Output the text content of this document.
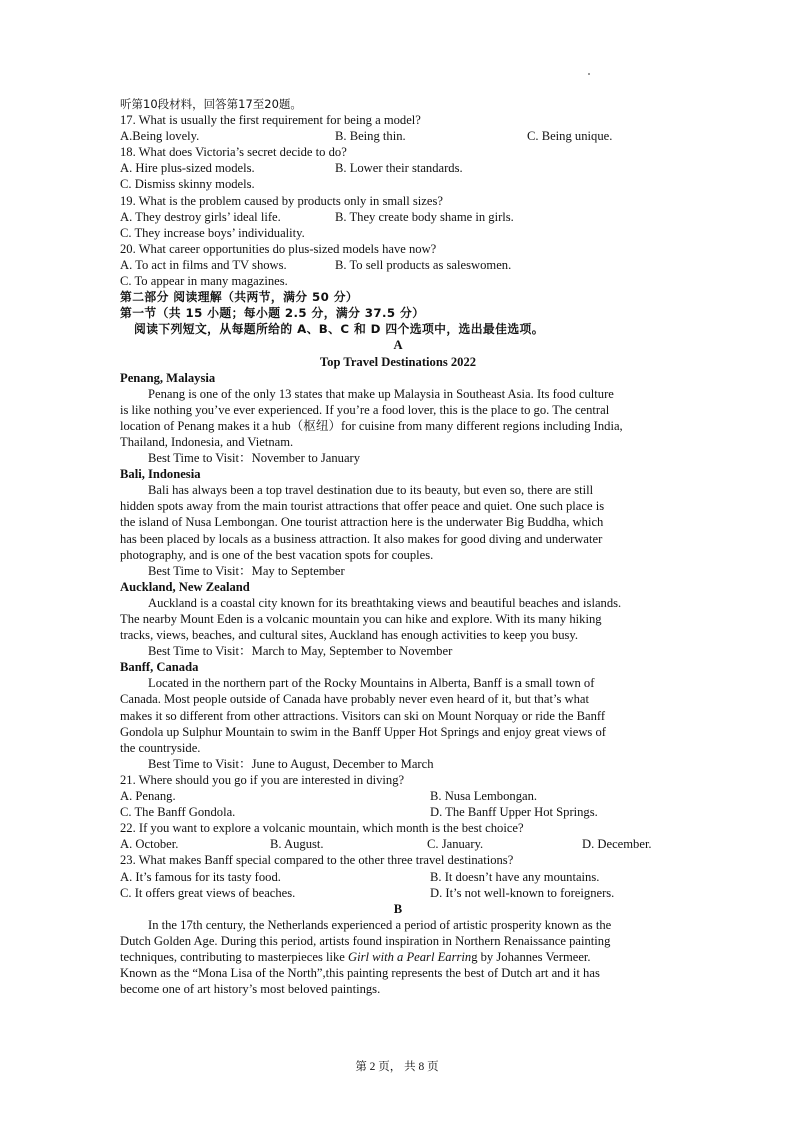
听第10段材料，回答第17至20题。
17. What is usually the first requirement for being a model?
A.Being lovely.	B. Being thin.	C. Being unique.
18. What does Victoria’s secret decide to do?
A. Hire plus-sized models.	B. Lower their standards.
C. Dismiss skinny models.
19. What is the problem caused by products only in small sizes?
A. They destroy girls’ ideal life.	B. They create body shame in girls.
C. They increase boys’ individuality.
20. What career opportunities do plus-sized models have now?
A. To act in films and TV shows.	B. To sell products as saleswomen.
C. To appear in many magazines.
第二部分 阅读理解（共两节，满分 50 分）
第一节（共 15 小题；每小题 2.5 分，满分 37.5 分）
阅读下列短文，从每题所给的 A、B、C 和 D 四个选项中，选出最佳选项。
A
Top Travel Destinations 2022
Penang, Malaysia
Penang is one of the only 13 states that make up Malaysia in Southeast Asia. Its food culture
is like nothing you’ve ever experienced. If you’re a food lover, this is the place to go. The central
location of Penang makes it a hub（枢纽）for cuisine from many different regions including India,
Thailand, Indonesia, and Vietnam.
Best Time to Visit：November to January
Bali, Indonesia
Bali has always been a top travel destination due to its beauty, but even so, there are still
hidden spots away from the main tourist attractions that offer peace and quiet. One such place is
the island of Nusa Lembongan. One tourist attraction here is the underwater Big Buddha, which
has been placed by locals as a business attraction. It also makes for good diving and underwater
photography, and is one of the best vacation spots for couples.
Best Time to Visit：May to September
Auckland, New Zealand
Auckland is a coastal city known for its breathtaking views and beautiful beaches and islands.
The nearby Mount Eden is a volcanic mountain you can hike and explore. With its many hiking
tracks, views, beaches, and cultural sites, Auckland has enough activities to keep you busy.
Best Time to Visit：March to May, September to November
Banff, Canada
Located in the northern part of the Rocky Mountains in Alberta, Banff is a small town of
Canada. Most people outside of Canada have probably never even heard of it, but that’s what
makes it so different from other attractions. Visitors can ski on Mount Norquay or ride the Banff
Gondola up Sulphur Mountain to swim in the Banff Upper Hot Springs and enjoy great views of
the countryside.
Best Time to Visit：June to August, December to March
21. Where should you go if you are interested in diving?
A. Penang.	B. Nusa Lembongan.
C. The Banff Gondola.	D. The Banff Upper Hot Springs.
22. If you want to explore a volcanic mountain, which month is the best choice?
A. October.	B. August.	C. January.	D. December.
23. What makes Banff special compared to the other three travel destinations?
A. It’s famous for its tasty food.	B. It doesn’t have any mountains.
C. It offers great views of beaches.	D. It’s not well-known to foreigners.
B
In the 17th century, the Netherlands experienced a period of artistic prosperity known as the
Dutch Golden Age. During this period, artists found inspiration in Northern Renaissance painting
techniques, contributing to masterpieces like Girl with a Pearl Earring by Johannes Vermeer.
Known as the “Mona Lisa of the North”,this painting represents the best of Dutch art and it has
become one of art history’s most beloved paintings.
第 2 页， 共 8 页
